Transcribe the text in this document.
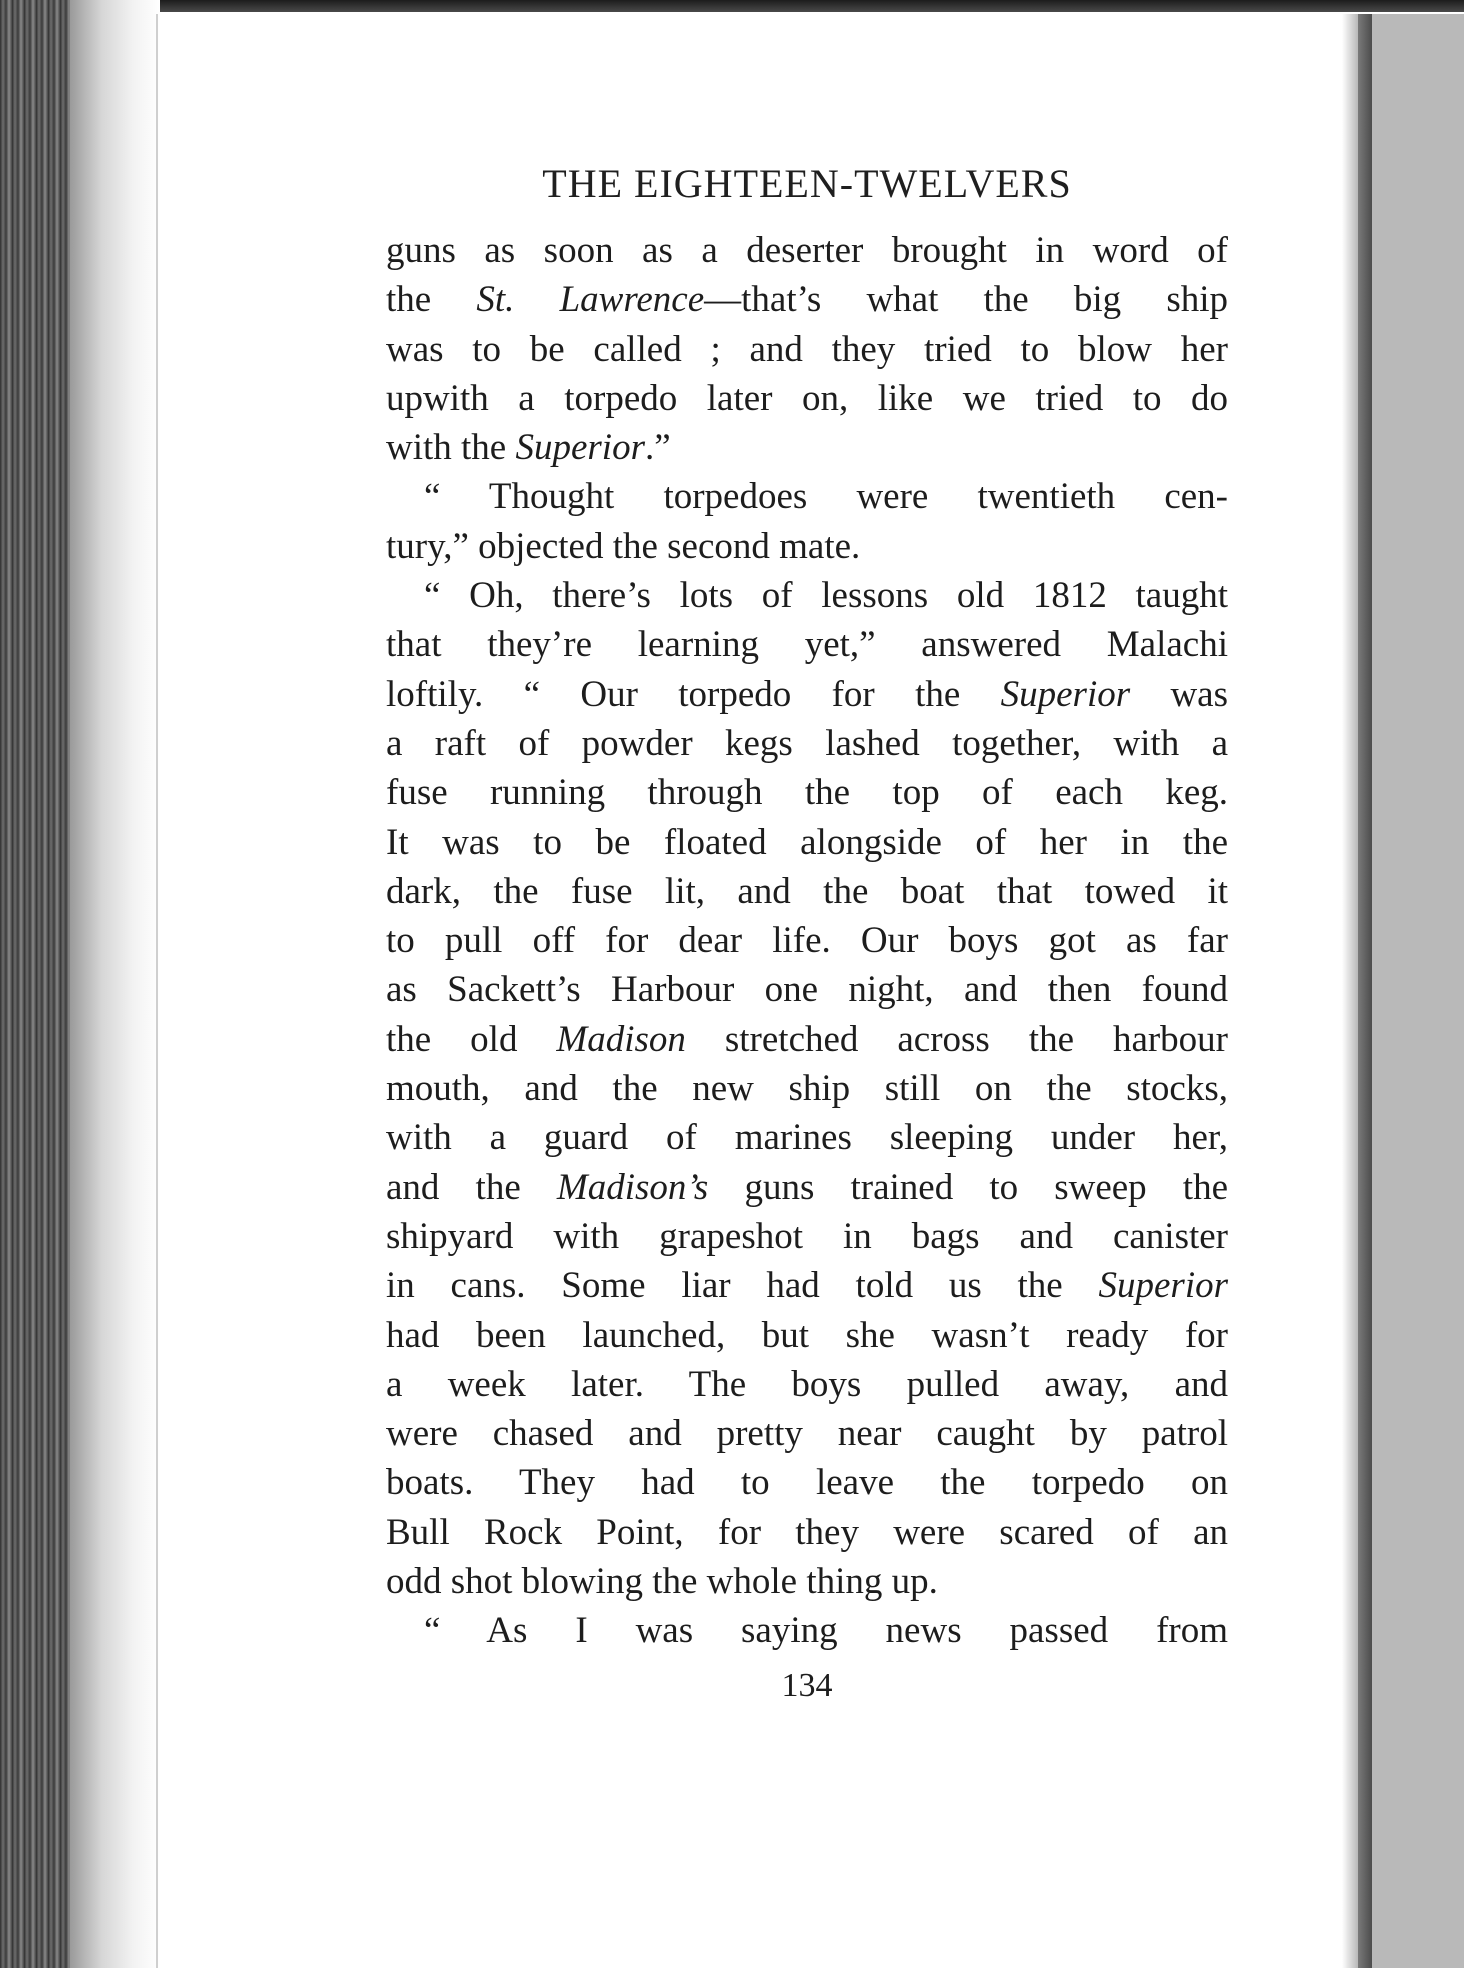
THE EIGHTEEN-TWELVERS
guns as soon as a deserter brought in word of
the St. Lawrence—that’s what the big ship
was to be called ; and they tried to blow her
upwith a torpedo later on, like we tried to do
with the Superior.”
“ Thought torpedoes were twentieth cen-
tury,” objected the second mate.
“ Oh, there’s lots of lessons old 1812 taught
that they’re learning yet,” answered Malachi
loftily. “ Our torpedo for the Superior was
a raft of powder kegs lashed together, with a
fuse running through the top of each keg.
It was to be floated alongside of her in the
dark, the fuse lit, and the boat that towed it
to pull off for dear life. Our boys got as far
as Sackett’s Harbour one night, and then found
the old Madison stretched across the harbour
mouth, and the new ship still on the stocks,
with a guard of marines sleeping under her,
and the Madison’s guns trained to sweep the
shipyard with grapeshot in bags and canister
in cans. Some liar had told us the Superior
had been launched, but she wasn’t ready for
a week later. The boys pulled away, and
were chased and pretty near caught by patrol
boats. They had to leave the torpedo on
Bull Rock Point, for they were scared of an
odd shot blowing the whole thing up.
“ As I was saying news passed from
134
